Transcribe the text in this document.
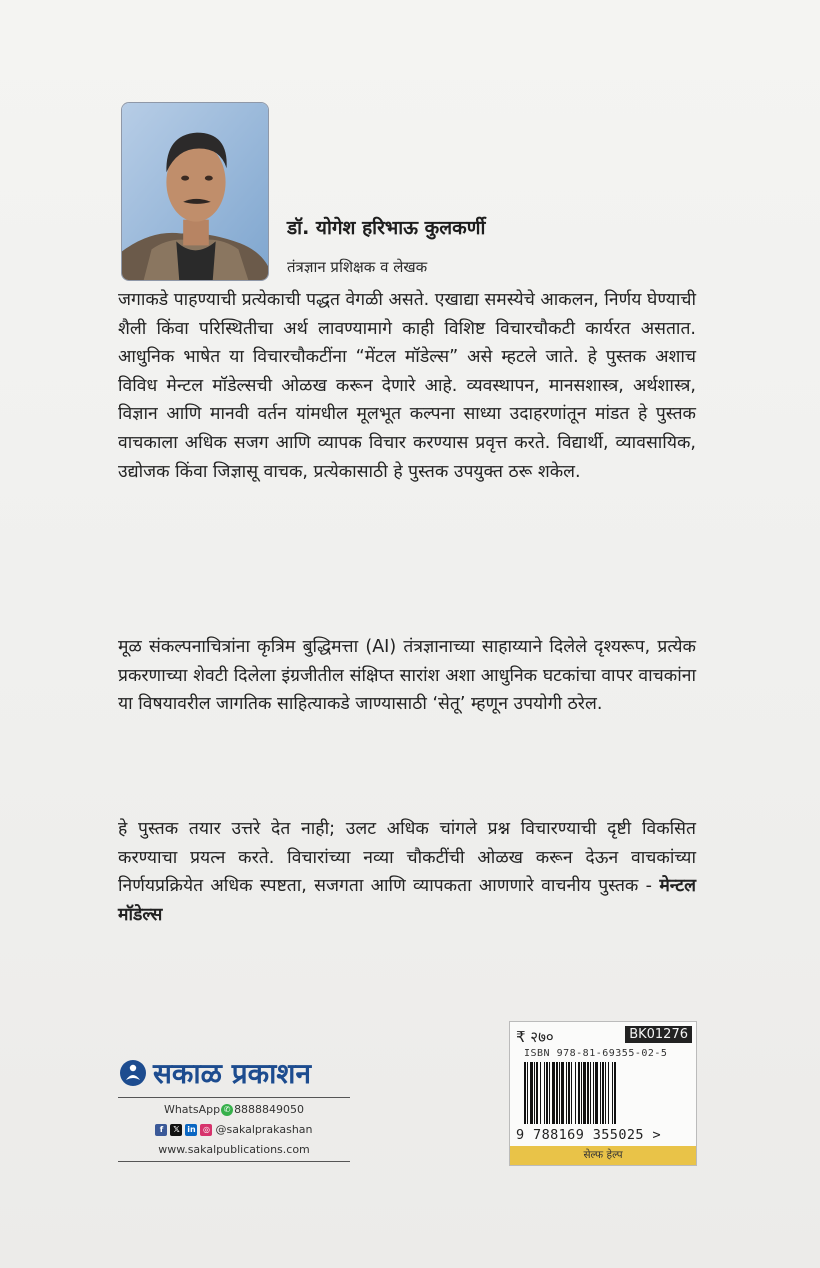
डॉ. योगेश हरिभाऊ कुलकर्णी
तंत्रज्ञान प्रशिक्षक व लेखक

जगाकडे पाहण्याची प्रत्येकाची पद्धत वेगळी असते. एखाद्या समस्येचे आकलन, निर्णय घेण्याची शैली किंवा परिस्थितीचा अर्थ लावण्यामागे काही विशिष्ट विचारचौकटी कार्यरत असतात. आधुनिक भाषेत या विचारचौकटींना “मेंटल मॉडेल्स” असे म्हटले जाते. हे पुस्तक अशाच विविध मेन्टल मॉडेल्सची ओळख करून देणारे आहे. व्यवस्थापन, मानसशास्त्र, अर्थशास्त्र, विज्ञान आणि मानवी वर्तन यांमधील मूलभूत कल्पना साध्या उदाहरणांतून मांडत हे पुस्तक वाचकाला अधिक सजग आणि व्यापक विचार करण्यास प्रवृत्त करते. विद्यार्थी, व्यावसायिक, उद्योजक किंवा जिज्ञासू वाचक, प्रत्येकासाठी हे पुस्तक उपयुक्त ठरू शकेल.

मूळ संकल्पनाचित्रांना कृत्रिम बुद्धिमत्ता (AI) तंत्रज्ञानाच्या साहाय्याने दिलेले दृश्यरूप, प्रत्येक प्रकरणाच्या शेवटी दिलेला इंग्रजीतील संक्षिप्त सारांश अशा आधुनिक घटकांचा वापर वाचकांना या विषयावरील जागतिक साहित्याकडे जाण्यासाठी ‘सेतू’ म्हणून उपयोगी ठरेल.

हे पुस्तक तयार उत्तरे देत नाही; उलट अधिक चांगले प्रश्न विचारण्याची दृष्टी विकसित करण्याचा प्रयत्न करते. विचारांच्या नव्या चौकटींची ओळख करून देऊन वाचकांच्या निर्णयप्रक्रियेत अधिक स्पष्टता, सजगता आणि व्यापकता आणणारे वाचनीय पुस्तक - मेन्टल मॉडेल्स

सकाळ प्रकाशन
WhatsApp ✆ 8888849050
f	𝕏 in ◎ @sakalprakashan
www.sakalpublications.com
₹ २७०	BK01276
ISBN 978-81-69355-02-5
9 788169 355025 >
सेल्फ हेल्प
